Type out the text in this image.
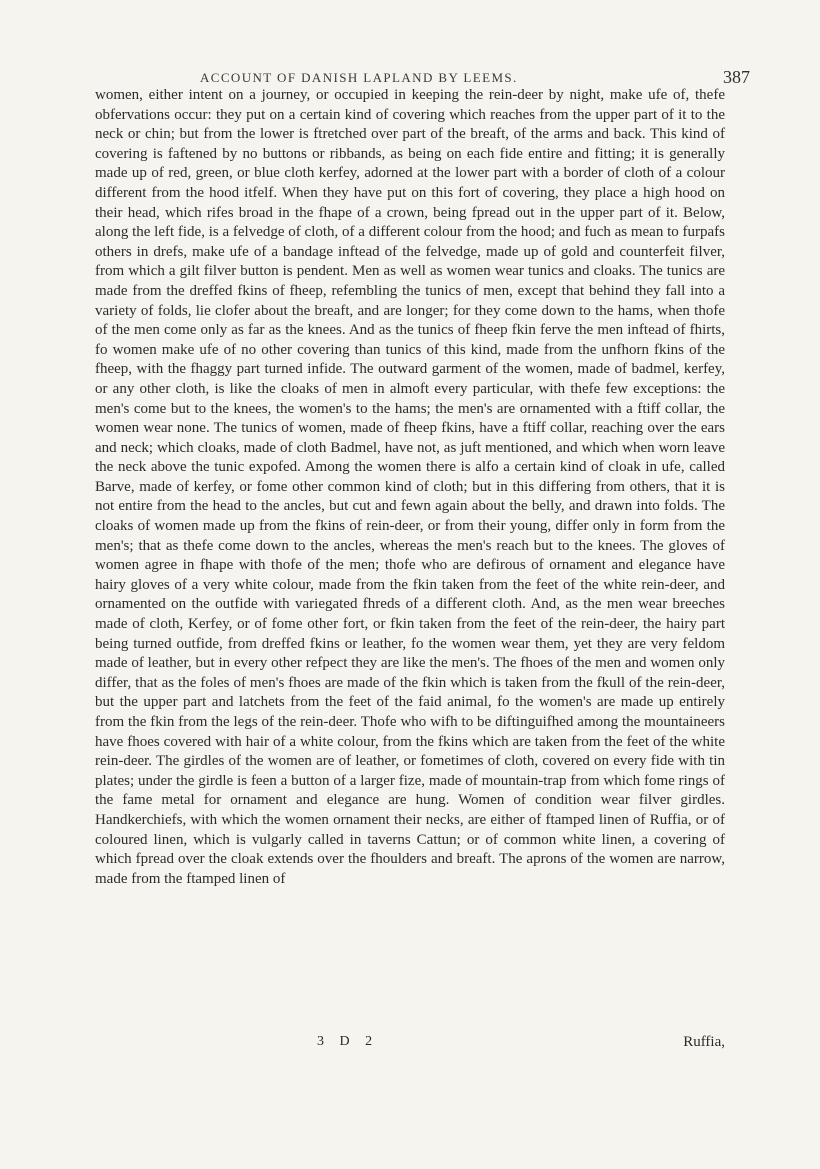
ACCOUNT OF DANISH LAPLAND BY LEEMS.	387

women, either intent on a journey, or occupied in keeping the rein-deer by night, make ufe of, thefe obfervations occur: they put on a certain kind of covering which reaches from the upper part of it to the neck or chin; but from the lower is ftretched over part of the breaft, of the arms and back. This kind of covering is faftened by no buttons or ribbands, as being on each fide entire and fitting; it is generally made up of red, green, or blue cloth kerfey, adorned at the lower part with a border of cloth of a colour different from the hood itfelf. When they have put on this fort of covering, they place a high hood on their head, which rifes broad in the fhape of a crown, being fpread out in the upper part of it. Below, along the left fide, is a felvedge of cloth, of a different colour from the hood; and fuch as mean to furpafs others in drefs, make ufe of a bandage inftead of the felvedge, made up of gold and counterfeit filver, from which a gilt filver button is pendent. Men as well as women wear tunics and cloaks. The tunics are made from the dreffed fkins of fheep, refembling the tunics of men, except that behind they fall into a variety of folds, lie clofer about the breaft, and are longer; for they come down to the hams, when thofe of the men come only as far as the knees. And as the tunics of fheep fkin ferve the men inftead of fhirts, fo women make ufe of no other covering than tunics of this kind, made from the unfhorn fkins of the fheep, with the fhaggy part turned infide. The outward garment of the women, made of badmel, kerfey, or any other cloth, is like the cloaks of men in almoft every particular, with thefe few exceptions: the men's come but to the knees, the women's to the hams; the men's are ornamented with a ftiff collar, the women wear none. The tunics of women, made of fheep fkins, have a ftiff collar, reaching over the ears and neck; which cloaks, made of cloth Badmel, have not, as juft mentioned, and which when worn leave the neck above the tunic expofed. Among the women there is alfo a certain kind of cloak in ufe, called Barve, made of kerfey, or fome other common kind of cloth; but in this differing from others, that it is not entire from the head to the ancles, but cut and fewn again about the belly, and drawn into folds. The cloaks of women made up from the fkins of rein-deer, or from their young, differ only in form from the men's; that as thefe come down to the ancles, whereas the men's reach but to the knees. The gloves of women agree in fhape with thofe of the men; thofe who are defirous of ornament and elegance have hairy gloves of a very white colour, made from the fkin taken from the feet of the white rein-deer, and ornamented on the outfide with variegated fhreds of a different cloth. And, as the men wear breeches made of cloth, Kerfey, or of fome other fort, or fkin taken from the feet of the rein-deer, the hairy part being turned outfide, from dreffed fkins or leather, fo the women wear them, yet they are very feldom made of leather, but in every other refpect they are like the men's. The fhoes of the men and women only differ, that as the foles of men's fhoes are made of the fkin which is taken from the fkull of the rein-deer, but the upper part and latchets from the feet of the faid animal, fo the women's are made up entirely from the fkin from the legs of the rein-deer. Thofe who wifh to be diftinguifhed among the mountaineers have fhoes covered with hair of a white colour, from the fkins which are taken from the feet of the white rein-deer. The girdles of the women are of leather, or fometimes of cloth, covered on every fide with tin plates; under the girdle is feen a button of a larger fize, made of mountain-trap from which fome rings of the fame metal for ornament and elegance are hung. Women of condition wear filver girdles. Handkerchiefs, with which the women ornament their necks, are either of ftamped linen of Ruffia, or of coloured linen, which is vulgarly called in taverns Cattun; or of common white linen, a covering of which fpread over the cloak extends over the fhoulders and breaft. The aprons of the women are narrow, made from the ftamped linen of

3 D 2	Ruffia,
